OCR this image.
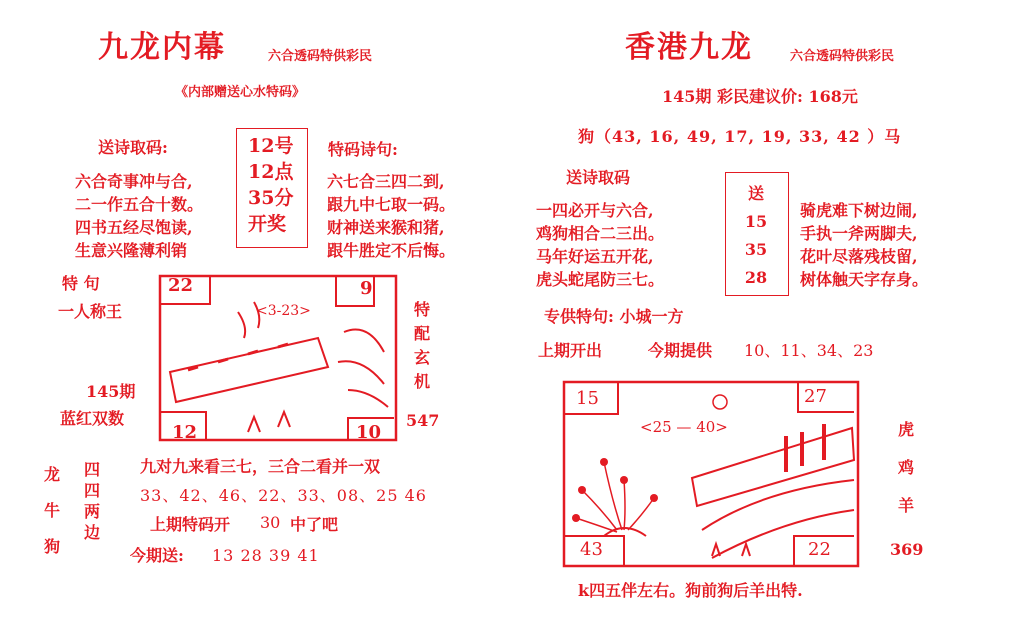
九龙内幕	六合透码特供彩民
《内部赠送心水特码》
送诗取码:
六合奇事冲与合,
二一作五合十数。
四书五经尽饱读,
生意兴隆薄利销
12号
12点
35分
开奖
特码诗句:
六七合三四二到,
跟九中七取一码。
财神送来猴和猪,
跟牛胜定不后悔。
特 句
一人称王
145期
蓝红双数
22	9
<3-23>
12	10
特
配
玄
机
547
龙
牛
狗
四
四
两
边
九对九来看三七，三合二看并一双
33、42、46、22、33、08、25 46
上期特码开 30 中了吧
今期送: 13 28 39 41
香港九龙	六合透码特供彩民
145期 彩民建议价: 168元
狗（43, 16, 49, 17, 19, 33, 42 ）马
送诗取码
一四必开与六合,
鸡狗相合二三出。
马年好运五开花,
虎头蛇尾防三七。
送
15
35
28
骑虎难下树边闹,
手执一斧两脚夫,
花叶尽落残枝留,
树体触天字存身。
专供特句: 小城一方
上期开出	今期提供 10、11、34、23
15	27
<25 — 40>
43	22
虎
鸡
羊
369
k四五伴左右。狗前狗后羊出特.
